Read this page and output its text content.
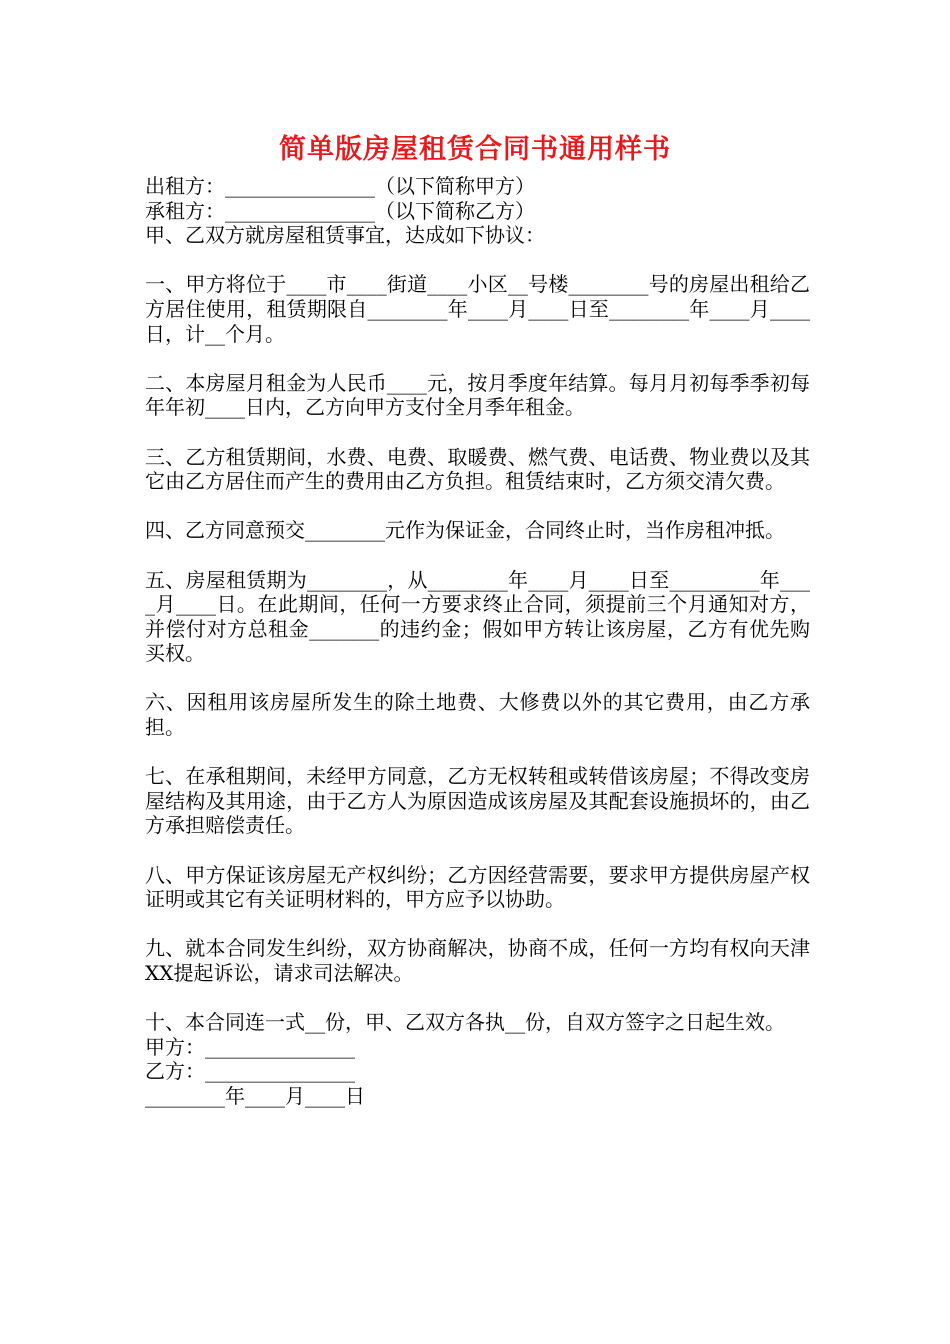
简单版房屋租赁合同书通用样书
出租方：_______________（以下简称甲方）
承租方：_______________（以下简称乙方）
甲、乙双方就房屋租赁事宜，达成如下协议：
一、甲方将位于____市____街道____小区__号楼________号的房屋出租给乙方居住使用，租赁期限自________年____月____日至________年____月____日，计__个月。
二、本房屋月租金为人民币____元，按月季度年结算。每月月初每季季初每年年初____日内，乙方向甲方支付全月季年租金。
三、乙方租赁期间，水费、电费、取暖费、燃气费、电话费、物业费以及其它由乙方居住而产生的费用由乙方负担。租赁结束时，乙方须交清欠费。
四、乙方同意预交________元作为保证金，合同终止时，当作房租冲抵。
五、房屋租赁期为________，从________年____月____日至_________年____月____日。在此期间，任何一方要求终止合同，须提前三个月通知对方，并偿付对方总租金_______的违约金；假如甲方转让该房屋，乙方有优先购买权。
六、因租用该房屋所发生的除土地费、大修费以外的其它费用，由乙方承担。
七、在承租期间，未经甲方同意，乙方无权转租或转借该房屋；不得改变房屋结构及其用途，由于乙方人为原因造成该房屋及其配套设施损坏的，由乙方承担赔偿责任。
八、甲方保证该房屋无产权纠纷；乙方因经营需要，要求甲方提供房屋产权证明或其它有关证明材料的，甲方应予以协助。
九、就本合同发生纠纷，双方协商解决，协商不成，任何一方均有权向天津XX提起诉讼，请求司法解决。
十、本合同连一式__份，甲、乙双方各执__份，自双方签字之日起生效。
甲方：_______________
乙方：_______________
________年____月____日
